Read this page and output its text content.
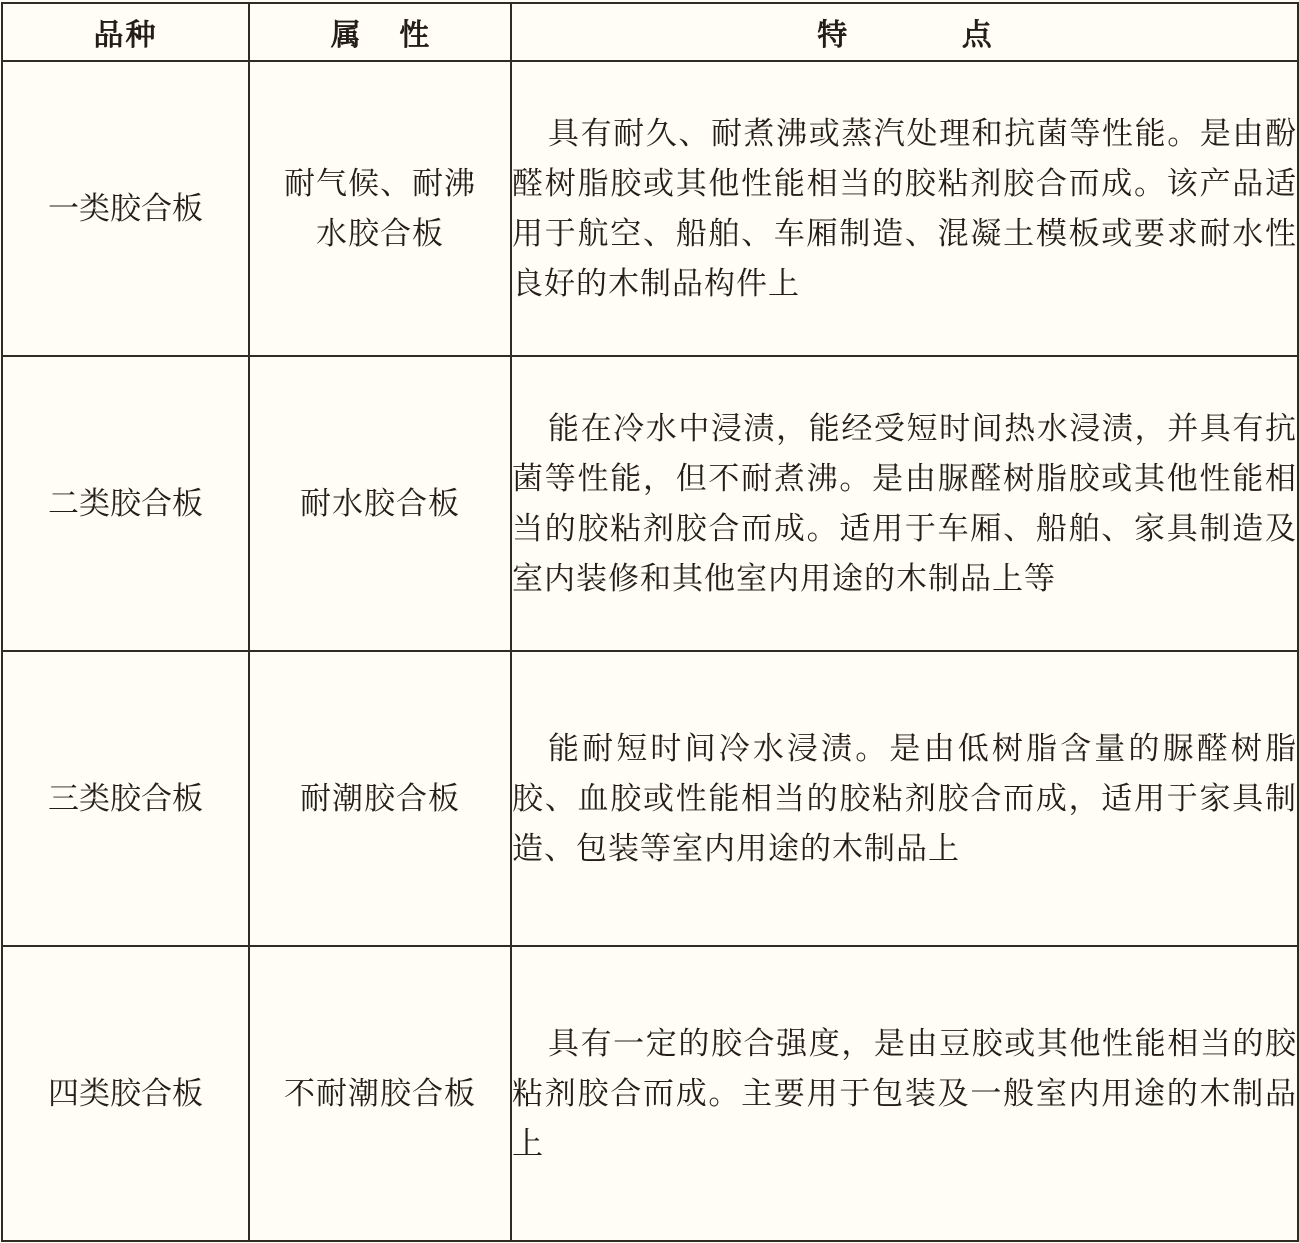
品种	属 性	特 点
一类胶合板	耐气候、耐沸水胶合板	具有耐久、耐煮沸或蒸汽处理和抗菌等性能。是由酚醛树脂胶或其他性能相当的胶粘剂胶合而成。该产品适用于航空、船舶、车厢制造、混凝土模板或要求耐水性良好的木制品构件上

二类胶合板	耐水胶合板	能在冷水中浸渍，能经受短时间热水浸渍，并具有抗菌等性能，但不耐煮沸。是由脲醛树脂胶或其他性能相当的胶粘剂胶合而成。适用于车厢、船舶、家具制造及室内装修和其他室内用途的木制品上等

三类胶合板	耐潮胶合板	能耐短时间冷水浸渍。是由低树脂含量的脲醛树脂胶、血胶或性能相当的胶粘剂胶合而成，适用于家具制造、包装等室内用途的木制品上

四类胶合板	不耐潮胶合板	具有一定的胶合强度，是由豆胶或其他性能相当的胶粘剂胶合而成。主要用于包装及一般室内用途的木制品上
